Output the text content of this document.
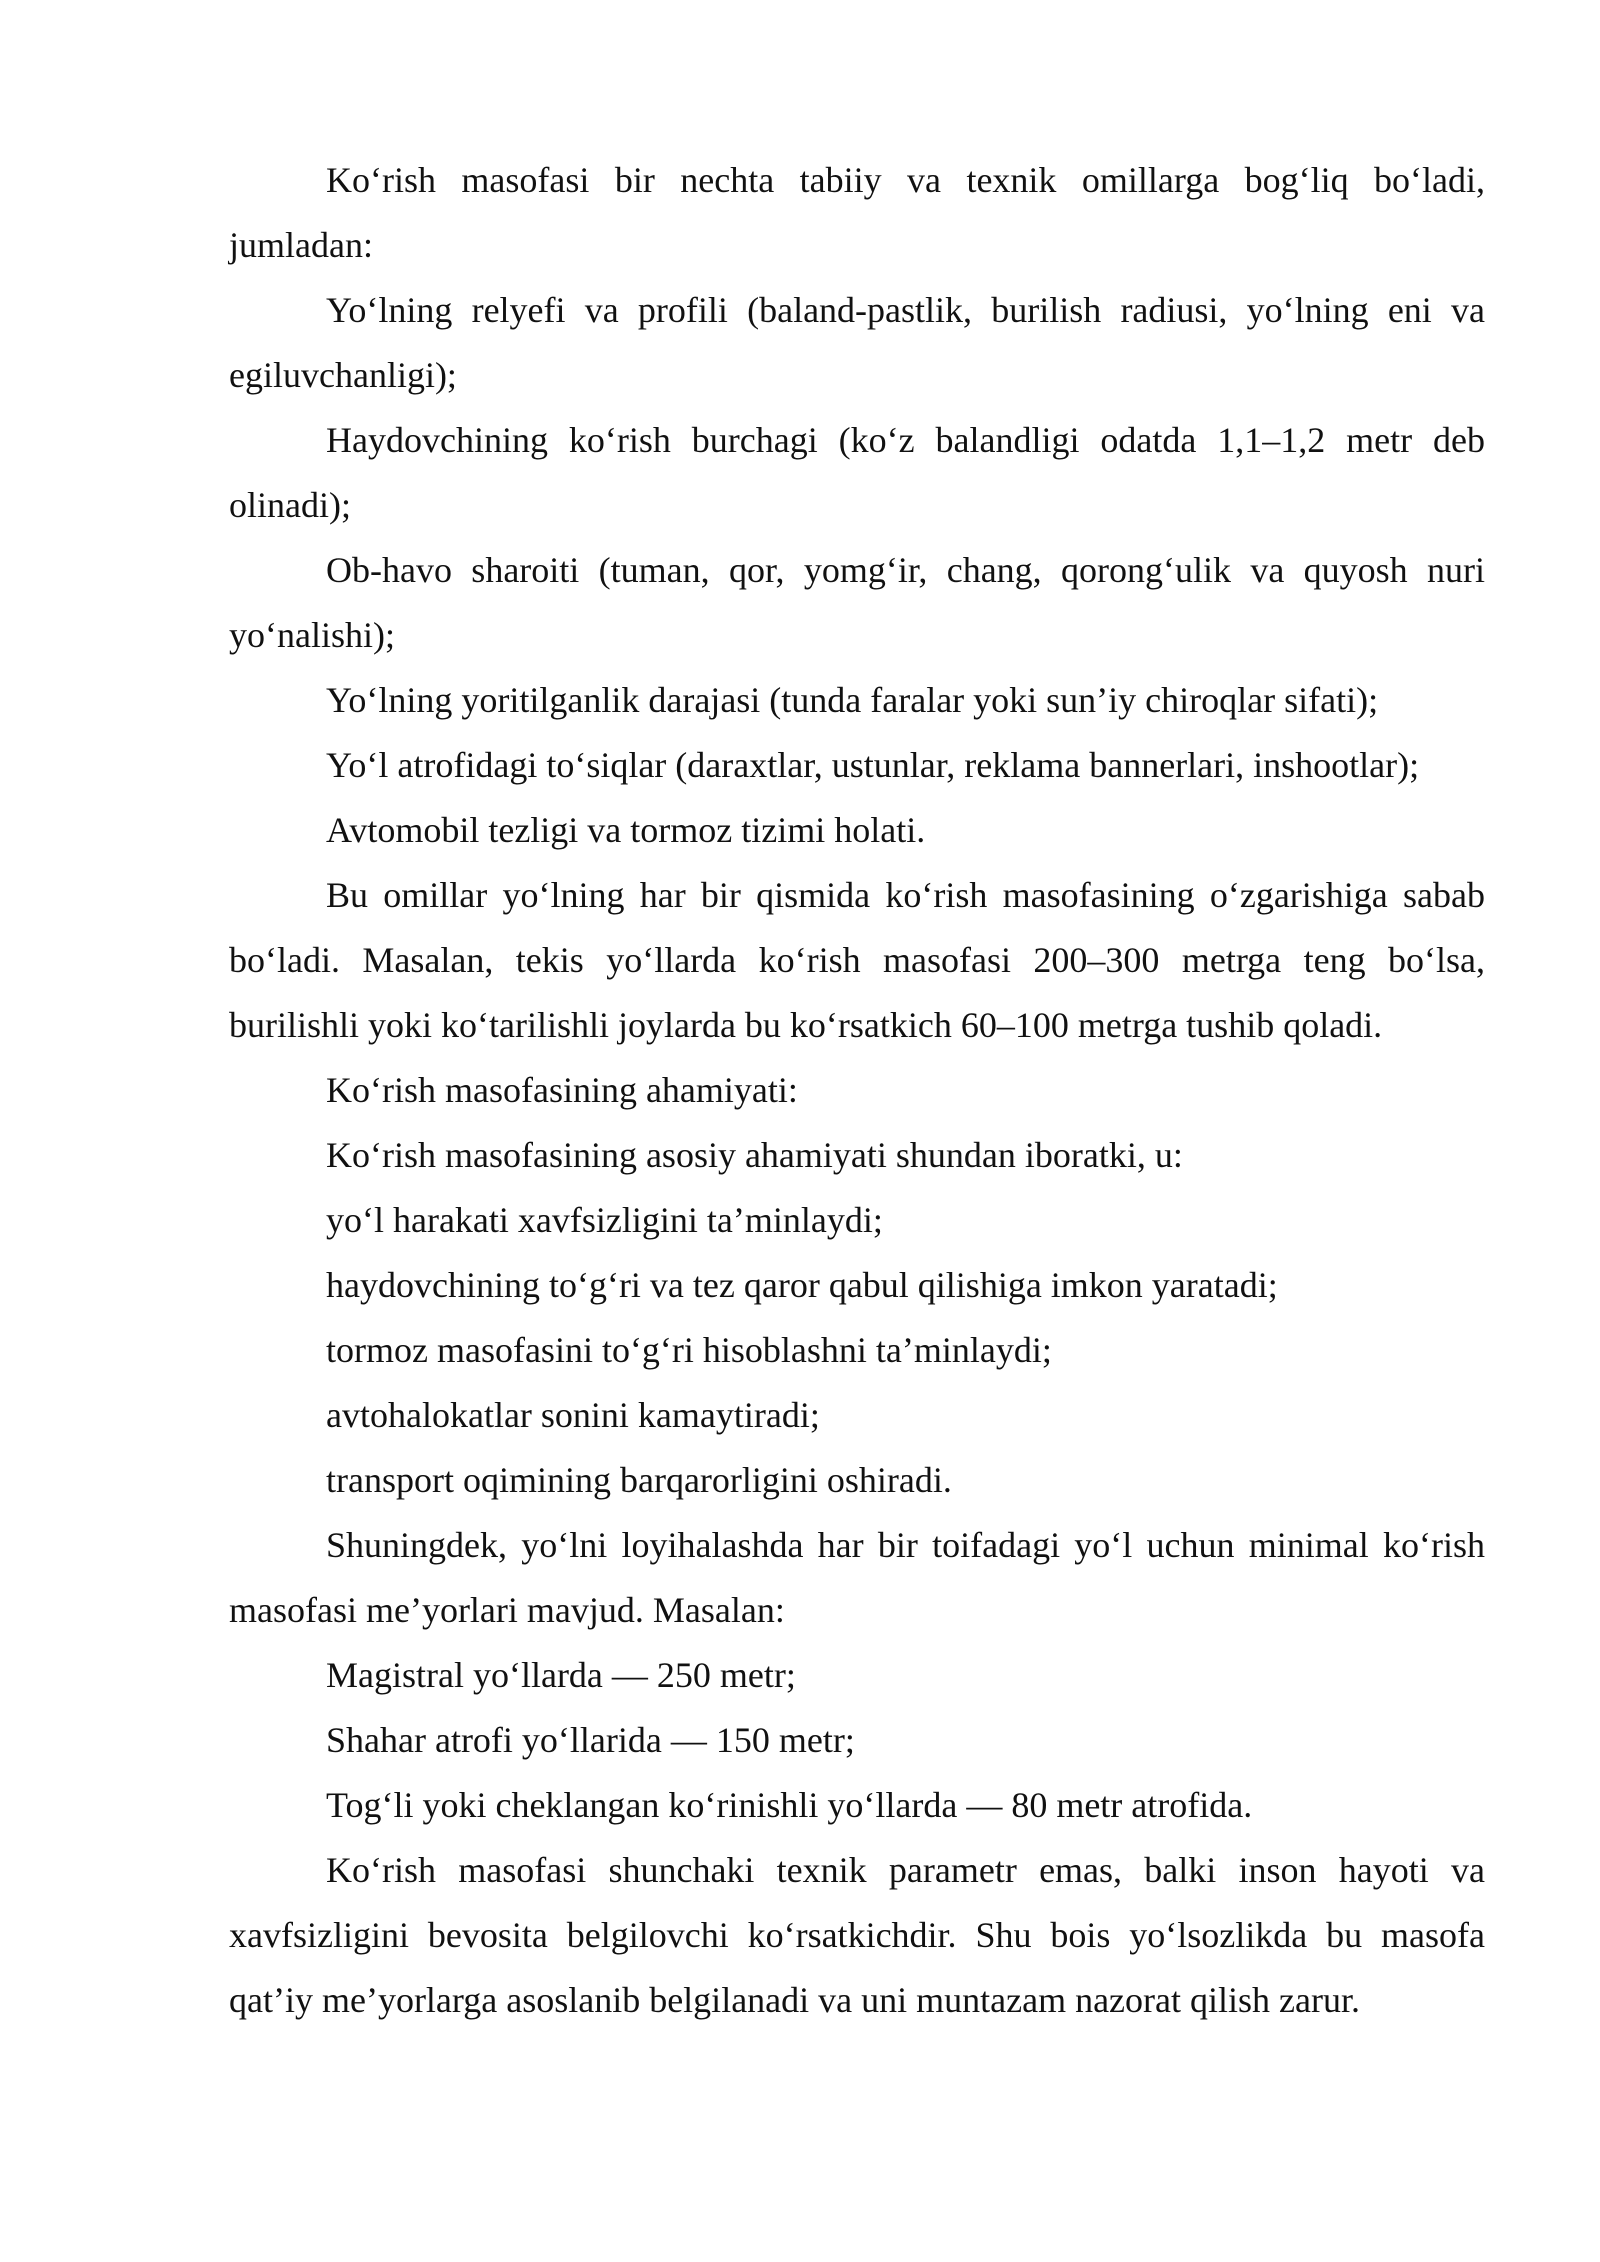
Koʻrish masofasi bir nechta tabiiy va texnik omillarga bogʻliq boʻladi, jumladan:

Yoʻlning relyefi va profili (baland-pastlik, burilish radiusi, yoʻlning eni va egiluvchanligi);

Haydovchining koʻrish burchagi (koʻz balandligi odatda 1,1–1,2 metr deb olinadi);

Ob-havo sharoiti (tuman, qor, yomgʻir, chang, qorongʻulik va quyosh nuri yoʻnalishi);

Yoʻlning yoritilganlik darajasi (tunda faralar yoki sun’iy chiroqlar sifati);

Yoʻl atrofidagi toʻsiqlar (daraxtlar, ustunlar, reklama bannerlari, inshootlar);

Avtomobil tezligi va tormoz tizimi holati.

Bu omillar yoʻlning har bir qismida koʻrish masofasining oʻzgarishiga sabab boʻladi. Masalan, tekis yoʻllarda koʻrish masofasi 200–300 metrga teng boʻlsa, burilishli yoki koʻtarilishli joylarda bu koʻrsatkich 60–100 metrga tushib qoladi.

Koʻrish masofasining ahamiyati:

Koʻrish masofasining asosiy ahamiyati shundan iboratki, u:

yoʻl harakati xavfsizligini ta’minlaydi;

haydovchining toʻgʻri va tez qaror qabul qilishiga imkon yaratadi;

tormoz masofasini toʻgʻri hisoblashni ta’minlaydi;

avtohalokatlar sonini kamaytiradi;

transport oqimining barqarorligini oshiradi.

Shuningdek, yoʻlni loyihalashda har bir toifadagi yoʻl uchun minimal koʻrish masofasi me’yorlari mavjud. Masalan:

Magistral yoʻllarda — 250 metr;

Shahar atrofi yoʻllarida — 150 metr;

Togʻli yoki cheklangan koʻrinishli yoʻllarda — 80 metr atrofida.

Koʻrish masofasi shunchaki texnik parametr emas, balki inson hayoti va xavfsizligini bevosita belgilovchi koʻrsatkichdir. Shu bois yoʻlsozlikda bu masofa qat’iy me’yorlarga asoslanib belgilanadi va uni muntazam nazorat qilish zarur.
